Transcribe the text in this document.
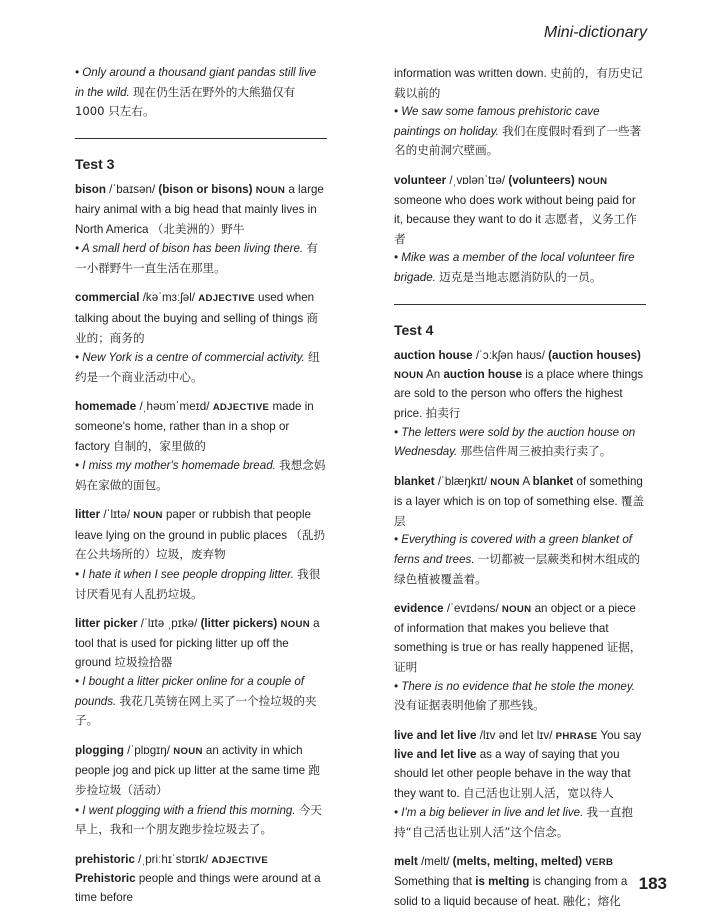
Mini-dictionary
• Only around a thousand giant pandas still live in the wild. 现在仍生活在野外的大熊猫仅有 1000 只左右。
Test 3
bison /ˈbaɪsən/ (bison or bisons) NOUN a large hairy animal with a big head that mainly lives in North America （北美洲的）野牛
• A small herd of bison has been living there. 有一小群野牛一直生活在那里。
commercial /kəˈmɜːʃəl/ ADJECTIVE used when talking about the buying and selling of things 商业的；商务的
• New York is a centre of commercial activity. 纽约是一个商业活动中心。
homemade /ˌhəʊmˈmeɪd/ ADJECTIVE made in someone's home, rather than in a shop or factory 自制的，家里做的
• I miss my mother's homemade bread. 我想念妈妈在家做的面包。
litter /ˈlɪtə/ NOUN paper or rubbish that people leave lying on the ground in public places （乱扔在公共场所的）垃圾，废弃物
• I hate it when I see people dropping litter. 我很讨厌看见有人乱扔垃圾。
litter picker /ˈlɪtə ˌpɪkə/ (litter pickers) NOUN a tool that is used for picking litter up off the ground 垃圾捡拾器
• I bought a litter picker online for a couple of pounds. 我花几英镑在网上买了一个捡垃圾的夹子。
plogging /ˈplɒgɪŋ/ NOUN an activity in which people jog and pick up litter at the same time 跑步捡垃圾（活动）
• I went plogging with a friend this morning. 今天早上，我和一个朋友跑步捡垃圾去了。
prehistoric /ˌpriːhɪˈstɒrɪk/ ADJECTIVE Prehistoric people and things were around at a time before
information was written down. 史前的，有历史记载以前的
• We saw some famous prehistoric cave paintings on holiday. 我们在度假时看到了一些著名的史前洞穴壁画。
volunteer /ˌvɒlənˈtɪə/ (volunteers) NOUN someone who does work without being paid for it, because they want to do it 志愿者，义务工作者
• Mike was a member of the local volunteer fire brigade. 迈克是当地志愿消防队的一员。
Test 4
auction house /ˈɔːkʃən haʊs/ (auction houses) NOUN An auction house is a place where things are sold to the person who offers the highest price. 拍卖行
• The letters were sold by the auction house on Wednesday. 那些信件周三被拍卖行卖了。
blanket /ˈblæŋkɪt/ NOUN A blanket of something is a layer which is on top of something else. 覆盖层
• Everything is covered with a green blanket of ferns and trees. 一切都被一层蕨类和树木组成的绿色植被覆盖着。
evidence /ˈevɪdəns/ NOUN an object or a piece of information that makes you believe that something is true or has really happened 证据，证明
• There is no evidence that he stole the money. 没有证据表明他偷了那些钱。
live and let live /lɪv ənd let lɪv/ PHRASE You say live and let live as a way of saying that you should let other people behave in the way that they want to. 自己活也让别人活，宽以待人
• I'm a big believer in live and let live. 我一直抱持“自己活也让别人活”这个信念。
melt /melt/ (melts, melting, melted) VERB Something that is melting is changing from a solid to a liquid because of heat. 融化；熔化
183
